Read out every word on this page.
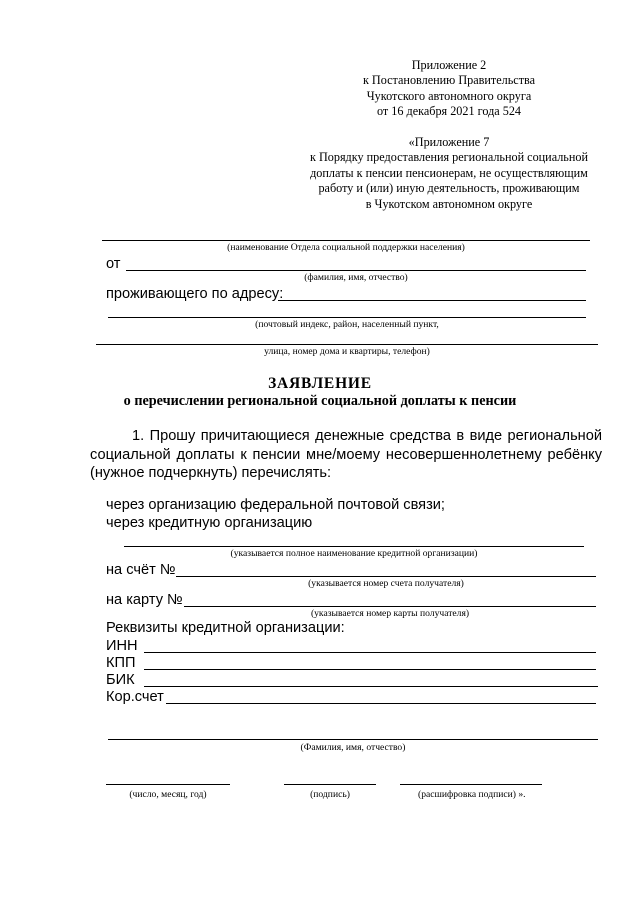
Приложение 2
к Постановлению Правительства
Чукотского автономного округа
от 16 декабря 2021 года 524
«Приложение 7
к Порядку предоставления региональной социальной
доплаты к пенсии пенсионерам, не осуществляющим
работу и (или) иную деятельность, проживающим
в Чукотском автономном округе
(наименование Отдела социальной поддержки населения)
от
(фамилия, имя, отчество)
проживающего по адресу:
(почтовый индекс, район, населенный пункт,
улица, номер дома и квартиры, телефон)
ЗАЯВЛЕНИЕ
о перечислении региональной социальной доплаты к пенсии
1. Прошу причитающиеся денежные средства в виде региональной
социальной доплаты к пенсии мне/моему несовершеннолетнему ребёнку
(нужное подчеркнуть) перечислять:
через организацию федеральной почтовой связи;
через кредитную организацию
(указывается полное наименование кредитной организации)
на счёт №
(указывается номер счета получателя)
на карту №
(указывается номер карты получателя)
Реквизиты кредитной организации:
ИНН
КПП
БИК
Кор.счет
(Фамилия, имя, отчество)
(число, месяц, год)	(подпись)	(расшифровка подписи) ».
